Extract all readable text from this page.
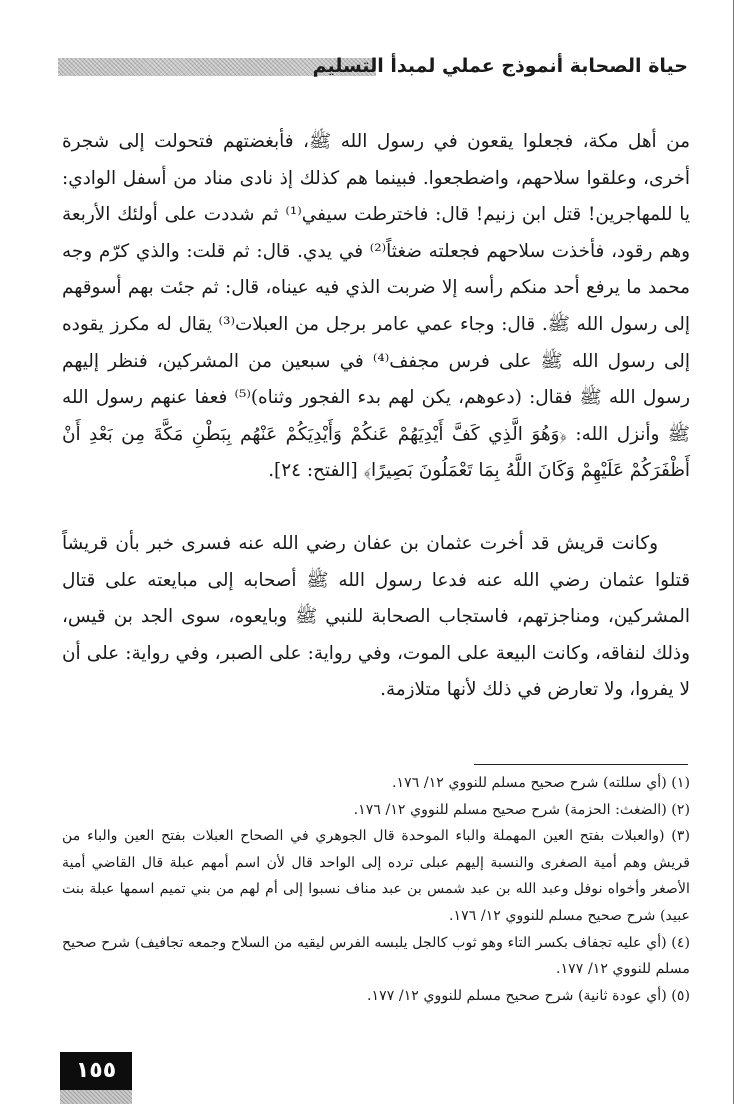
حياة الصحابة أنموذج عملي لمبدأ التسليم

من أهل مكة، فجعلوا يقعون في رسول الله ﷺ، فأبغضتهم فتحولت إلى شجرة أخرى، وعلقوا سلاحهم، واضطجعوا. فبينما هم كذلك إذ نادى مناد من أسفل الوادي: يا للمهاجرين! قتل ابن زنيم! قال: فاخترطت سيفي⁽¹⁾ ثم شددت على أولئك الأربعة وهم رقود، فأخذت سلاحهم فجعلته ضغثاً⁽²⁾ في يدي. قال: ثم قلت: والذي كرّم وجه محمد ما يرفع أحد منكم رأسه إلا ضربت الذي فيه عيناه، قال: ثم جئت بهم أسوقهم إلى رسول الله ﷺ. قال: وجاء عمي عامر برجل من العبلات⁽³⁾ يقال له مكرز يقوده إلى رسول الله ﷺ على فرس مجفف⁽⁴⁾ في سبعين من المشركين، فنظر إليهم رسول الله ﷺ فقال: (دعوهم، يكن لهم بدء الفجور وثناه)⁽⁵⁾ فعفا عنهم رسول الله ﷺ وأنزل الله: ﴿وَهُوَ الَّذِي كَفَّ أَيْدِيَهُمْ عَنكُمْ وَأَيْدِيَكُمْ عَنْهُم بِبَطْنِ مَكَّةَ مِن بَعْدِ أَنْ أَظْفَرَكُمْ عَلَيْهِمْ وَكَانَ اللَّهُ بِمَا تَعْمَلُونَ بَصِيرًا﴾ [الفتح: ٢٤].

وكانت قريش قد أخرت عثمان بن عفان رضي الله عنه فسرى خبر بأن قريشاً قتلوا عثمان رضي الله عنه فدعا رسول الله ﷺ أصحابه إلى مبايعته على قتال المشركين، ومناجزتهم، فاستجاب الصحابة للنبي ﷺ وبايعوه، سوى الجد بن قيس، وذلك لنفاقه، وكانت البيعة على الموت، وفي رواية: على الصبر، وفي رواية: على أن لا يفروا، ولا تعارض في ذلك لأنها متلازمة.

(١) (أي سللته) شرح صحيح مسلم للنووي ١٢/ ١٧٦.

(٢) (الضغث: الحزمة) شرح صحيح مسلم للنووي ١٢/ ١٧٦.

(٣) (والعبلات بفتح العين المهملة والباء الموحدة قال الجوهري في الصحاح العبلات بفتح العين والباء من قريش وهم أمية الصغرى والنسبة إليهم عبلى ترده إلى الواحد قال لأن اسم أمهم عبلة قال القاضي أمية الأصغر وأخواه نوفل وعبد الله بن عبد شمس بن عبد مناف نسبوا إلى أم لهم من بني تميم اسمها عبلة بنت عبيد) شرح صحيح مسلم للنووي ١٢/ ١٧٦.

(٤) (أي عليه تجفاف بكسر التاء وهو ثوب كالجل يلبسه الفرس ليقيه من السلاح وجمعه تجافيف) شرح صحيح مسلم للنووي ١٢/ ١٧٧.

(٥) (أي عودة ثانية) شرح صحيح مسلم للنووي ١٢/ ١٧٧.

١٥٥
